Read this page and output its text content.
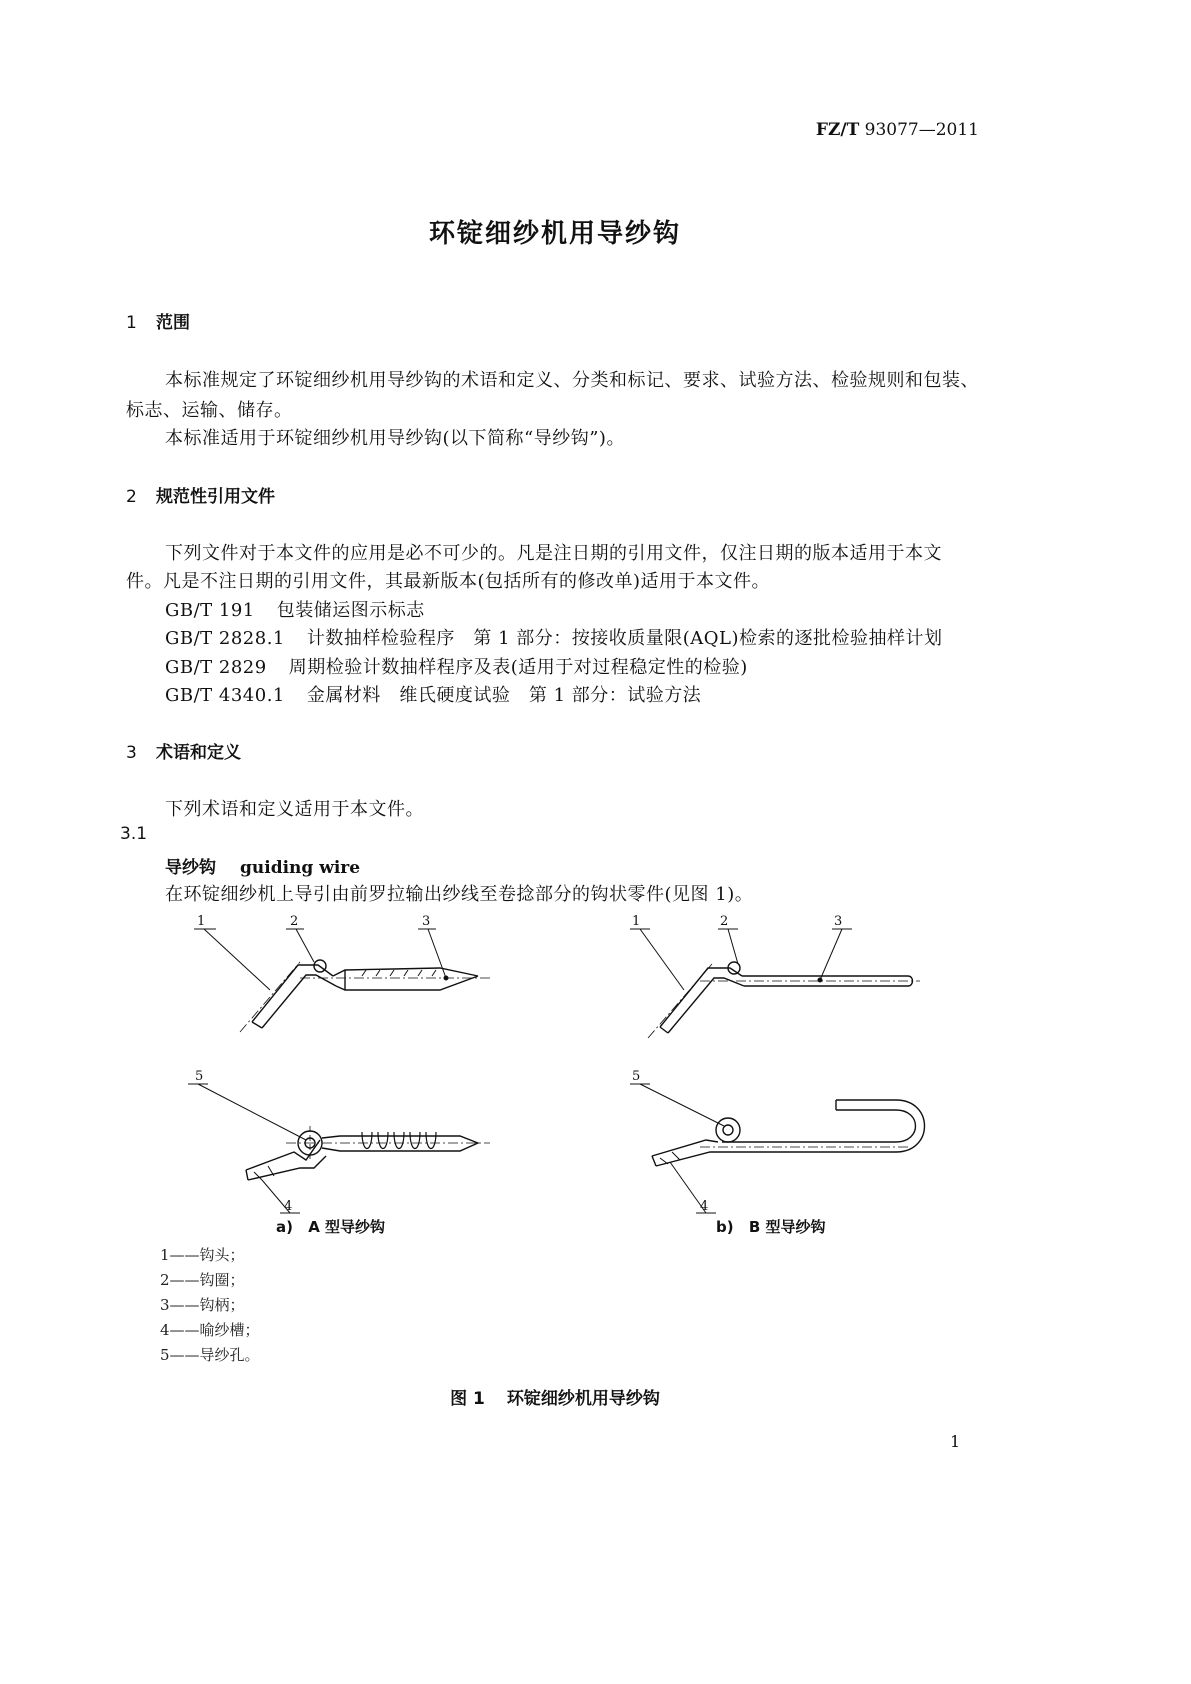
FZ/T 93077—2011
环锭细纱机用导纱钩
1 范围
本标准规定了环锭细纱机用导纱钩的术语和定义、分类和标记、要求、试验方法、检验规则和包装、
标志、运输、储存。
本标准适用于环锭细纱机用导纱钩(以下简称“导纱钩”)。
2 规范性引用文件
下列文件对于本文件的应用是必不可少的。凡是注日期的引用文件，仅注日期的版本适用于本文
件。凡是不注日期的引用文件，其最新版本(包括所有的修改单)适用于本文件。
GB/T 191 包装储运图示标志
GB/T 2828.1 计数抽样检验程序　第 1 部分：按接收质量限(AQL)检索的逐批检验抽样计划
GB/T 2829 周期检验计数抽样程序及表(适用于对过程稳定性的检验)
GB/T 4340.1 金属材料　维氏硬度试验　第 1 部分：试验方法
3 术语和定义
下列术语和定义适用于本文件。
3.1
导纱钩 guiding wire
在环锭细纱机上导引由前罗拉输出纱线至卷捻部分的钩状零件(见图 1)。
1	2	3
5
4
1	2	3
5
4
a) A 型导纱钩	b) B 型导纱钩
1——钩头；
2——钩圈；
3——钩柄；
4——喻纱槽；
5——导纱孔。
图 1 环锭细纱机用导纱钩
1
